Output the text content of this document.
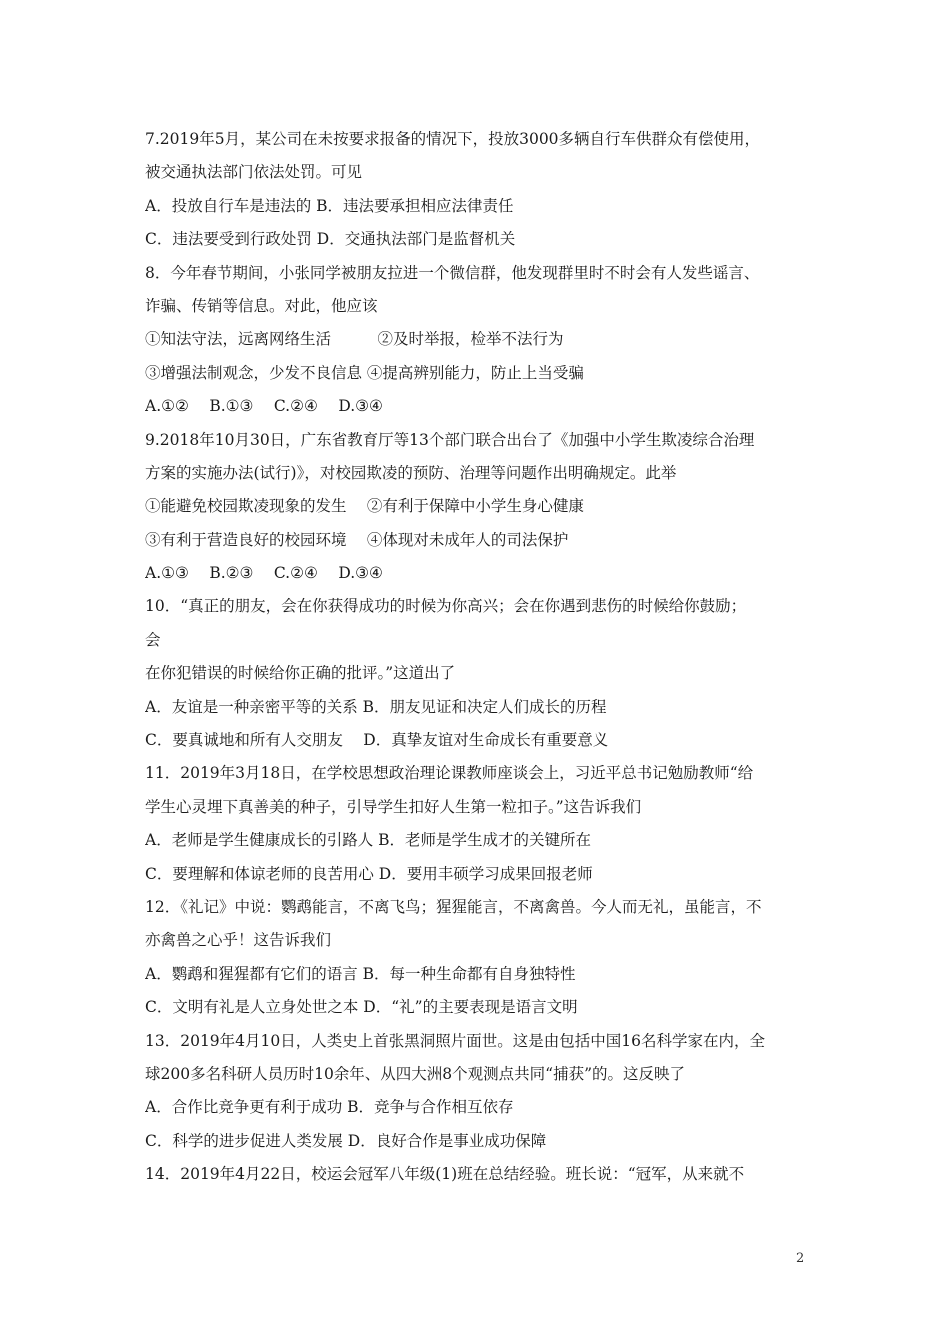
7.2019年5月，某公司在未按要求报备的情况下，投放3000多辆自行车供群众有偿使用，
被交通执法部门依法处罚。可见
A．投放自行车是违法的 B．违法要承担相应法律责任
C．违法要受到行政处罚 D．交通执法部门是监督机关
8．今年春节期间，小张同学被朋友拉进一个微信群，他发现群里时不时会有人发些谣言、
诈骗、传销等信息。对此，他应该
①知法守法，远离网络生活　　　②及时举报，检举不法行为
③增强法制观念，少发不良信息 ④提高辨别能力，防止上当受骗
A.①②　 B.①③　 C.②④　 D.③④
9.2018年10月30日，广东省教育厅等13个部门联合出台了《加强中小学生欺凌综合治理
方案的实施办法(试行)》，对校园欺凌的预防、治理等问题作出明确规定。此举
①能避免校园欺凌现象的发生　 ②有利于保障中小学生身心健康
③有利于营造良好的校园环境　 ④体现对未成年人的司法保护
A.①③　 B.②③　 C.②④　 D.③④
10．“真正的朋友，会在你获得成功的时候为你高兴；会在你遇到悲伤的时候给你鼓励；
会
在你犯错误的时候给你正确的批评。”这道出了
A．友谊是一种亲密平等的关系 B．朋友见证和决定人们成长的历程
C．要真诚地和所有人交朋友　 D．真挚友谊对生命成长有重要意义
11．2019年3月18日，在学校思想政治理论课教师座谈会上，习近平总书记勉励教师“给
学生心灵埋下真善美的种子，引导学生扣好人生第一粒扣子。”这告诉我们
A．老师是学生健康成长的引路人 B．老师是学生成才的关键所在
C．要理解和体谅老师的良苦用心 D．要用丰硕学习成果回报老师
12．《礼记》中说：鹦鹉能言，不离飞鸟；猩猩能言，不离禽兽。今人而无礼，虽能言，不
亦禽兽之心乎！这告诉我们
A．鹦鹉和猩猩都有它们的语言 B．每一种生命都有自身独特性
C．文明有礼是人立身处世之本 D．“礼”的主要表现是语言文明
13．2019年4月10日，人类史上首张黑洞照片面世。这是由包括中国16名科学家在内，全
球200多名科研人员历时10余年、从四大洲8个观测点共同“捕获”的。这反映了
A．合作比竞争更有利于成功 B．竞争与合作相互依存
C．科学的进步促进人类发展 D．良好合作是事业成功保障
14．2019年4月22日，校运会冠军八年级(1)班在总结经验。班长说：“冠军，从来就不
2
